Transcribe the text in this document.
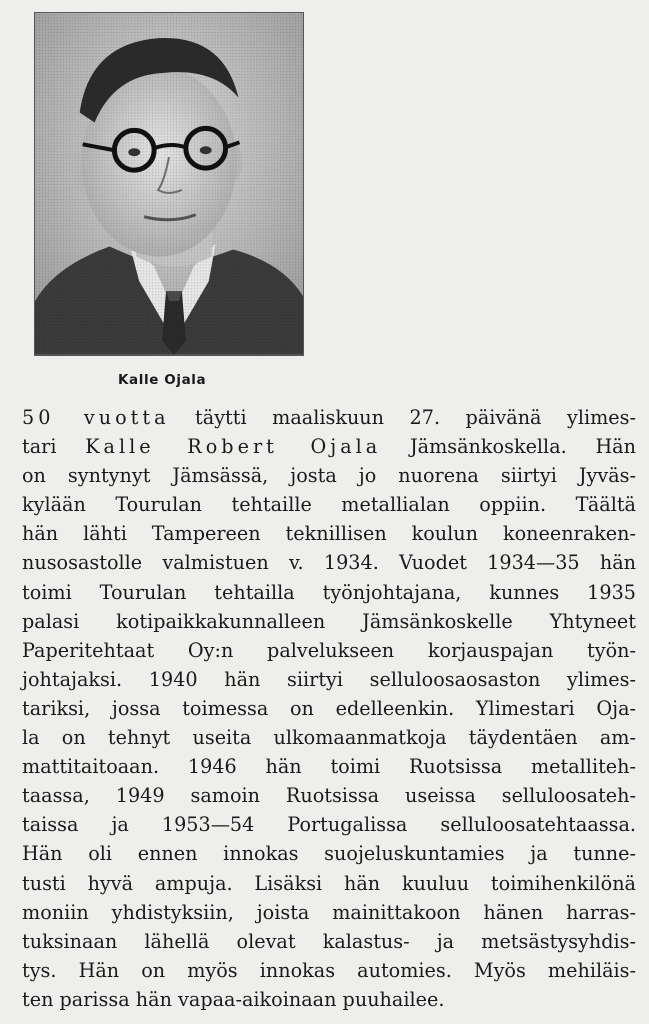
Kalle Ojala
50 vuotta täytti maaliskuun 27. päivänä ylimes-
tari Kalle Robert Ojala Jämsänkoskella. Hän
on syntynyt Jämsässä, josta jo nuorena siirtyi Jyväs-
kylään Tourulan tehtaille metallialan oppiin. Täältä
hän lähti Tampereen teknillisen koulun koneenraken-
nusosastolle valmistuen v. 1934. Vuodet 1934—35 hän
toimi Tourulan tehtailla työnjohtajana, kunnes 1935
palasi kotipaikkakunnalleen Jämsänkoskelle Yhtyneet
Paperitehtaat Oy:n palvelukseen korjauspajan työn-
johtajaksi. 1940 hän siirtyi selluloosaosaston ylimes-
tariksi, jossa toimessa on edelleenkin. Ylimestari Oja-
la on tehnyt useita ulkomaanmatkoja täydentäen am-
mattitaitoaan. 1946 hän toimi Ruotsissa metalliteh-
taassa, 1949 samoin Ruotsissa useissa selluloosateh-
taissa ja 1953—54 Portugalissa selluloosatehtaassa.
Hän oli ennen innokas suojeluskuntamies ja tunne-
tusti hyvä ampuja. Lisäksi hän kuuluu toimihenkilönä
moniin yhdistyksiin, joista mainittakoon hänen harras-
tuksinaan lähellä olevat kalastus- ja metsästysyhdis-
tys. Hän on myös innokas automies. Myös mehiläis-
ten parissa hän vapaa-aikoinaan puuhailee.
